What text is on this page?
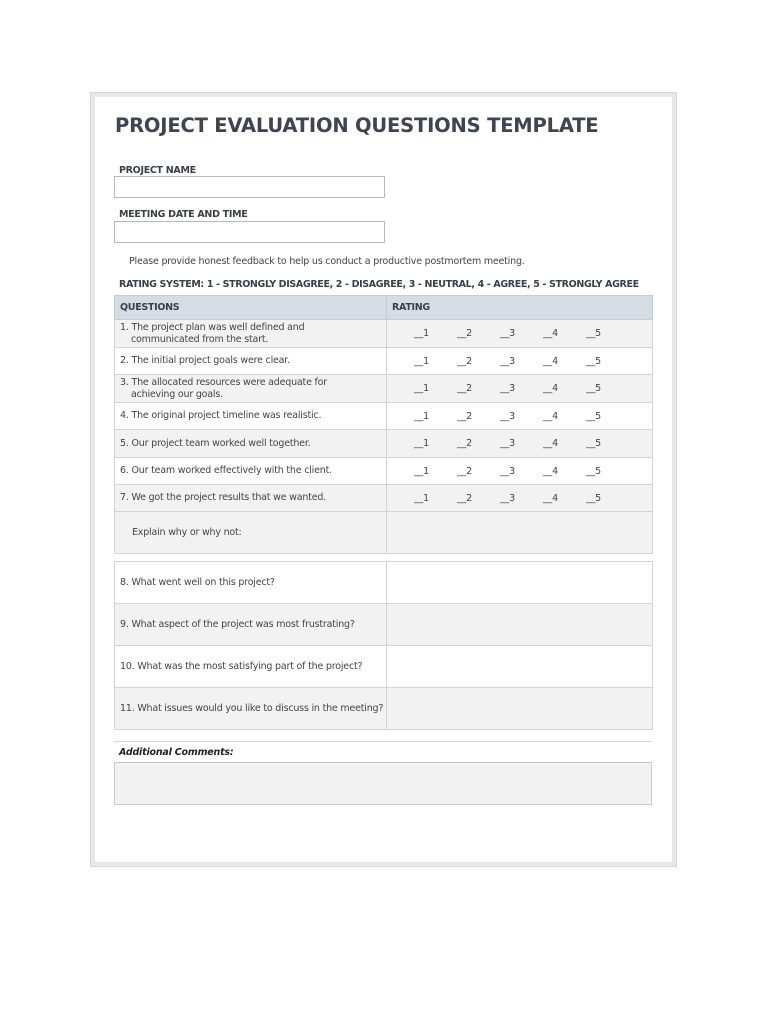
PROJECT EVALUATION QUESTIONS TEMPLATE
PROJECT NAME
MEETING DATE AND TIME
Please provide honest feedback to help us conduct a productive postmortem meeting.
RATING SYSTEM: 1 - STRONGLY DISAGREE, 2 - DISAGREE, 3 - NEUTRAL, 4 - AGREE, 5 - STRONGLY AGREE
QUESTIONS	RATING
1. The project plan was well defined and
communicated from the start.	__1 __2 __3 __4 __5

2. The initial project goals were clear.	__1 __2 __3 __4 __5

3. The allocated resources were adequate for
achieving our goals.	__1 __2 __3 __4 __5

4. The original project timeline was realistic.	__1 __2 __3 __4 __5

5. Our project team worked well together.	__1 __2 __3 __4 __5

6. Our team worked effectively with the client.	__1 __2 __3 __4 __5

7. We got the project results that we wanted.	__1 __2 __3 __4 __5

Explain why or why not:	
8. What went well on this project?	
9. What aspect of the project was most frustrating?	
10. What was the most satisfying part of the project?	
11. What issues would you like to discuss in the meeting?	
Additional Comments:
